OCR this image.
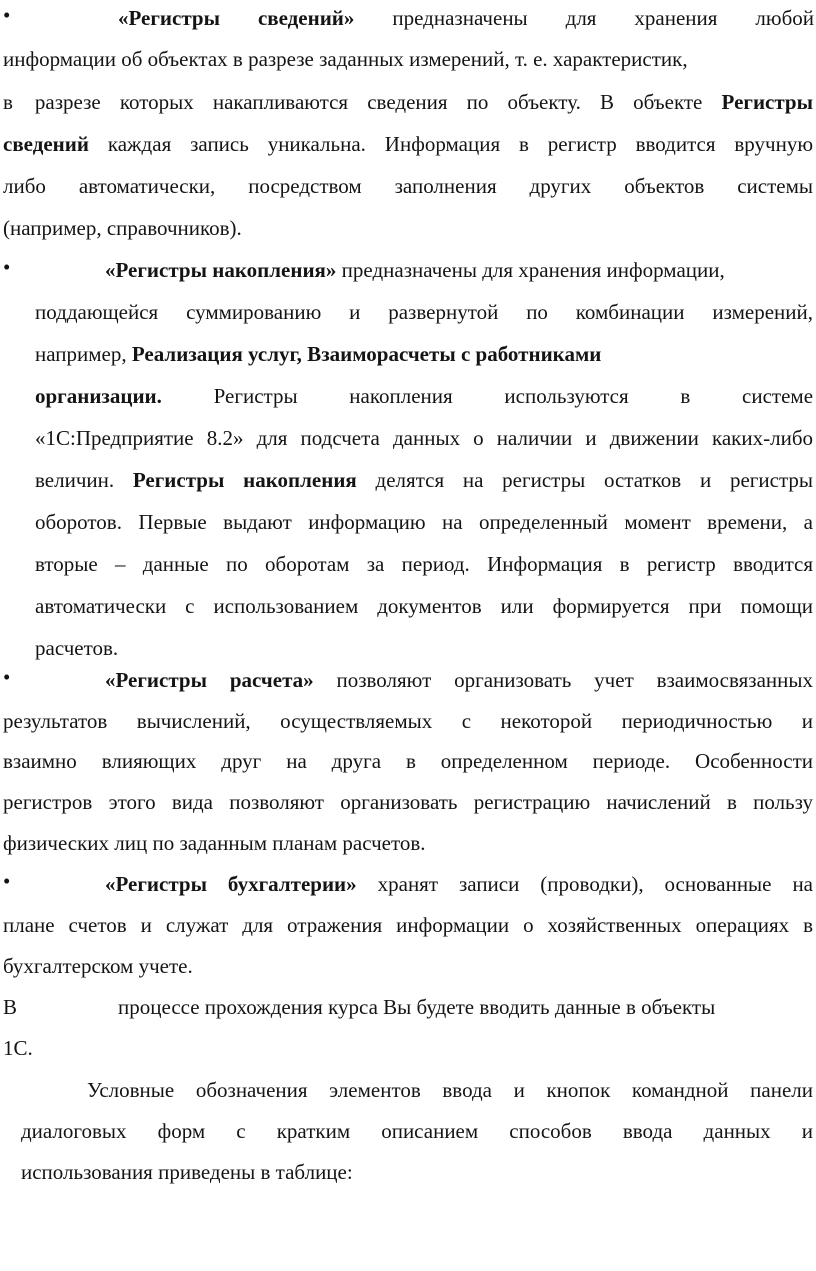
•	«Регистры сведений» предназначены для хранения любой
информации об объектах в разрезе заданных измерений, т. е. характеристик,
в разрезе которых накапливаются сведения по объекту. В объекте Регистры
сведений каждая запись уникальна. Информация в регистр вводится вручную
либо автоматически, посредством заполнения других объектов системы
(например, справочников).
•	«Регистры накопления» предназначены для хранения информации,
поддающейся суммированию и развернутой по комбинации измерений,
например, Реализация услуг, Взаиморасчеты с работниками
организации. Регистры накопления используются в системе
«1С:Предприятие 8.2» для подсчета данных о наличии и движении каких-либо
величин. Регистры накопления делятся на регистры остатков и регистры
оборотов. Первые выдают информацию на определенный момент времени, а
вторые – данные по оборотам за период. Информация в регистр вводится
автоматически с использованием документов или формируется при помощи
расчетов.
•	«Регистры расчета» позволяют организовать учет взаимосвязанных
результатов вычислений, осуществляемых с некоторой периодичностью и
взаимно влияющих друг на друга в определенном периоде. Особенности
регистров этого вида позволяют организовать регистрацию начислений в пользу
физических лиц по заданным планам расчетов.
•	«Регистры бухгалтерии» хранят записи (проводки), основанные на
плане счетов и служат для отражения информации о хозяйственных операциях в
бухгалтерском учете.
В	процессе прохождения курса Вы будете вводить данные в объекты
1С.
Условные обозначения элементов ввода и кнопок командной панели
диалоговых форм с кратким описанием способов ввода данных и
использования приведены в таблице:
